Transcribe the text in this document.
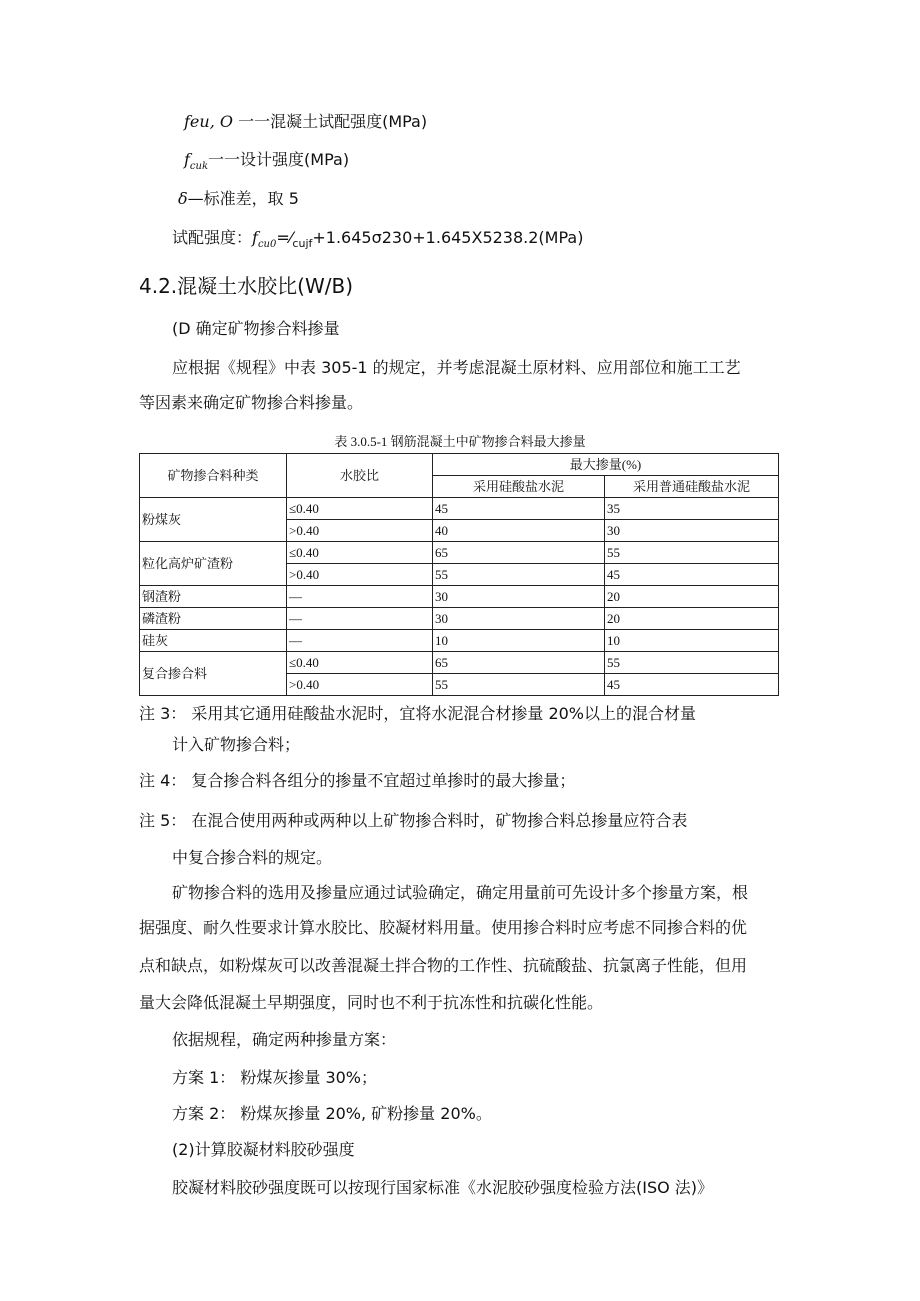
feu, O 一一混凝土试配强度(MPa)
$f_{cuk}$一一设计强度(MPa)
δ—标准差，取 5
试配强度：$f_{cu0}=⁄_{cujf}+1.645\sigma 230+1.645X5238.2(MPa)$
4.2.混凝土水胶比(W/B)
(D 确定矿物掺合料掺量
应根据《规程》中表 305-1 的规定，并考虑混凝土原材料、应用部位和施工工艺
等因素来确定矿物掺合料掺量。
表 3.0.5-1 钢筋混凝土中矿物掺合料最大掺量
矿物掺合料种类	水胶比	最大掺量(%)	
		采用硅酸盐水泥	采用普通硅酸盐水泥
粉煤灰	≤0.40	45	35
	>0.40	40	30
粒化高炉矿渣粉	≤0.40	65	55
	>0.40	55	45
钢渣粉	—	30	20
磷渣粉	—	30	20
硅灰	—	10	10
复合掺合料	≤0.40	65	55
	>0.40	55	45
注 3： 采用其它通用硅酸盐水泥时，宜将水泥混合材掺量 20%以上的混合材量
计入矿物掺合料；
注 4： 复合掺合料各组分的掺量不宜超过单掺时的最大掺量；
注 5： 在混合使用两种或两种以上矿物掺合料时，矿物掺合料总掺量应符合表
中复合掺合料的规定。
矿物掺合料的选用及掺量应通过试验确定，确定用量前可先设计多个掺量方案，根
据强度、耐久性要求计算水胶比、胶凝材料用量。使用掺合料时应考虑不同掺合料的优
点和缺点，如粉煤灰可以改善混凝土拌合物的工作性、抗硫酸盐、抗氯离子性能，但用
量大会降低混凝土早期强度，同时也不利于抗冻性和抗碳化性能。
依据规程，确定两种掺量方案：
方案 1： 粉煤灰掺量 30%；
方案 2： 粉煤灰掺量 20%, 矿粉掺量 20%。
(2)计算胶凝材料胶砂强度
胶凝材料胶砂强度既可以按现行国家标准《水泥胶砂强度检验方法(ISO 法)》
